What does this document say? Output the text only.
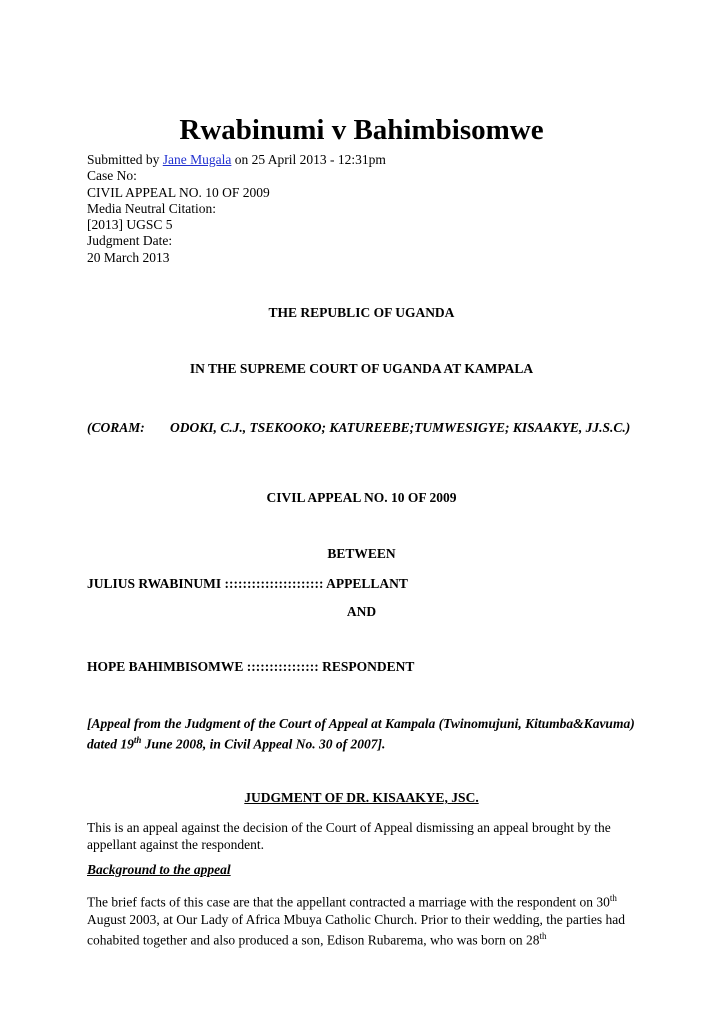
Rwabinumi v Bahimbisomwe
Submitted by Jane Mugala on 25 April 2013 - 12:31pm
Case No:
CIVIL APPEAL NO. 10 OF 2009
Media Neutral Citation:
[2013] UGSC 5
Judgment Date:
20 March 2013
THE REPUBLIC OF UGANDA
IN THE SUPREME COURT OF UGANDA AT KAMPALA
(CORAM: ODOKI, C.J., TSEKOOKO; KATUREEBE;TUMWESIGYE; KISAAKYE, JJ.S.C.)
CIVIL APPEAL NO. 10 OF 2009
BETWEEN
JULIUS RWABINUMI :::::::::::::::::::::: APPELLANT
AND
HOPE BAHIMBISOMWE :::::::::::::::: RESPONDENT
[Appeal from the Judgment of the Court of Appeal at Kampala (Twinomujuni, Kitumba&Kavuma) dated 19th June 2008, in Civil Appeal No. 30 of 2007].
JUDGMENT OF DR. KISAAKYE, JSC.
This is an appeal against the decision of the Court of Appeal dismissing an appeal brought by the appellant against the respondent.
Background to the appeal
The brief facts of this case are that the appellant contracted a marriage with the respondent on 30th August 2003, at Our Lady of Africa Mbuya Catholic Church. Prior to their wedding, the parties had cohabited together and also produced a son, Edison Rubarema, who was born on 28th
